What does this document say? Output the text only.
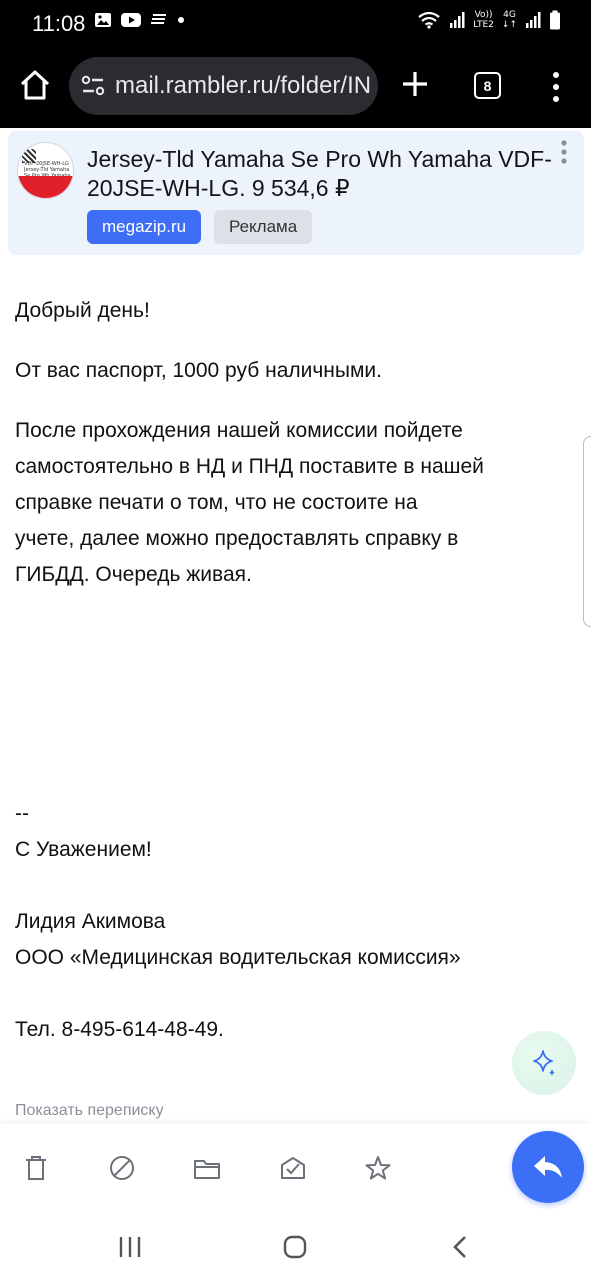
11:08	Vo))
LTE2
4G
↓↑
mail.rambler.ru/folder/IN	8
VDF-20JSE-WH-LG Jersey-Tld Yamaha Jersey-Tld Yamaha Se Pro Wh Yamaha VDF-20JSE-WH-LG. 9 534,6 ₽
megazip.ru	Реклама
Добрый день!
От вас паспорт, 1000 руб наличными.
После прохождения нашей комиссии пойдете
самостоятельно в НД и ПНД поставите в нашей
справке печати о том, что не состоите на
учете, далее можно предоставлять справку в
ГИБДД. Очередь живая.
--
С Уважением!
Лидия Акимова
ООО «Медицинская водительская комиссия»
Тел. 8-495-614-48-49.
Показать переписку
